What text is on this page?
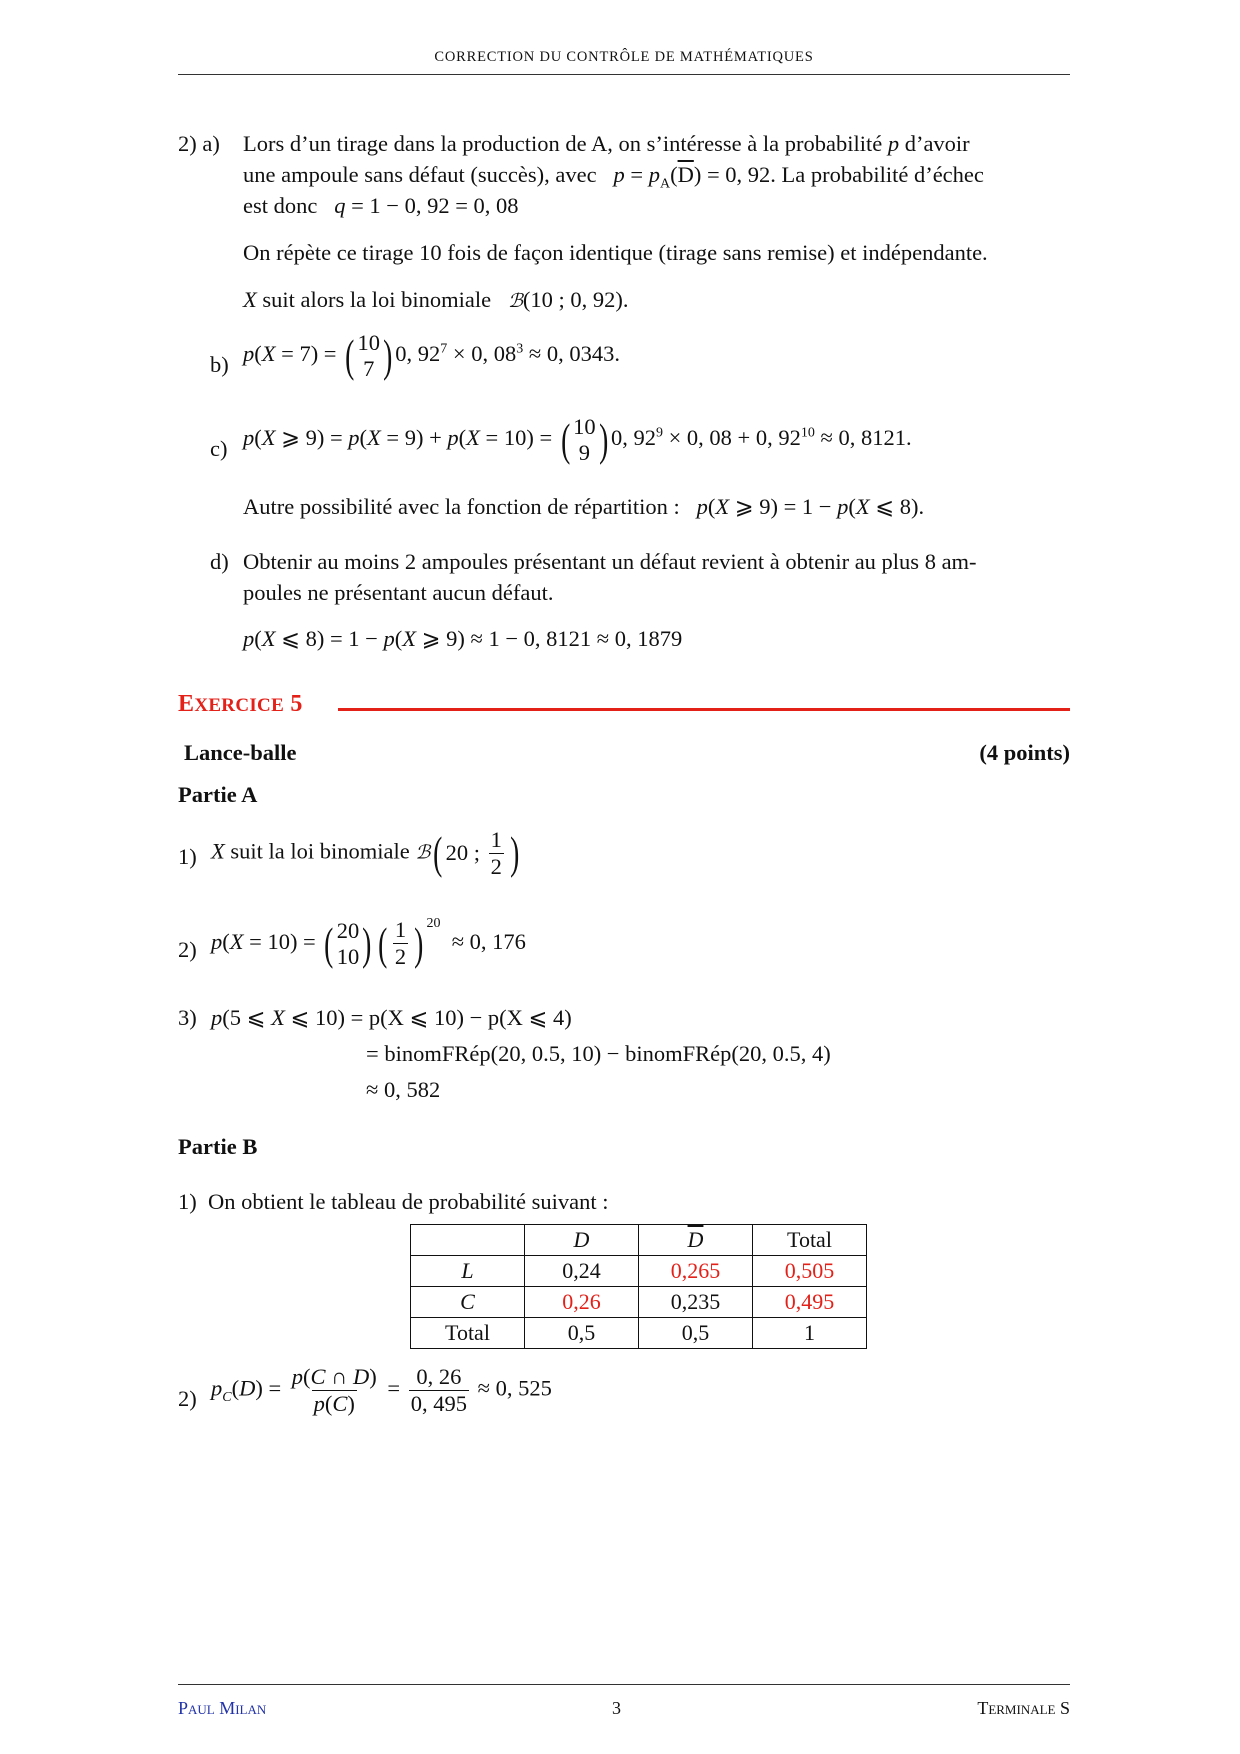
CORRECTION DU CONTRÔLE DE MATHÉMATIQUES
2) a) Lors d’un tirage dans la production de A, on s’intéresse à la probabilité p d’avoir
une ampoule sans défaut (succès), avec $p = p_A(\overline{D}) = 0$, 92. La probabilité d’échec
est donc q = 1 − 0, 92 = 0, 08
On répète ce tirage 10 fois de façon identique (tirage sans remise) et indépendante.
X suit alors la loi binomiale ℬ(10 ; 0, 92).
b) p(X = 7) = ( 10
7 ) 0, $92^7 \times 0$, $08^3 \approx 0$, 0343.
c) p(X ⩾ 9) = p(X = 9) + p(X = 10) = ( 10
9 ) 0, $92^9 \times 0$, 08 + 0, $92^{10} \approx 0$, 8121.
Autre possibilité avec la fonction de répartition : p(X ⩾ 9) = 1 − p(X ⩽ 8).
d) Obtenir au moins 2 ampoules présentant un défaut revient à obtenir au plus 8 am-
poules ne présentant aucun défaut.
p(X ⩽ 8) = 1 − p(X ⩾ 9) ≈ 1 − 0, 8121 ≈ 0, 1879
EXERCICE 5
Lance-balle	(4 points)
Partie A
1) X suit la loi binomiale ℬ ( 20 ; $\frac{1}{2}$ )
2) p(X = 10) = ( 20
10 ) ( $\frac{1}{2}$ ) $^{20}$  ≈ 0, 176
3) p(5 ⩽ X ⩽ 10) = p(X ⩽ 10) − p(X ⩽ 4)
= binomFRép(20, 0.5, 10) − binomFRép(20, 0.5, 4)
≈ 0, 582
Partie B
1)  On obtient le tableau de probabilité suivant :
	D	$\overline{D}$	Total
L	0,24	0,265	0,505
C	0,26	0,235	0,495
Total	0,5	0,5	1
2) $p_C(D) = \frac{p(C \cap D)}{p(C)} = \frac{0, 26}{0, 495} \approx 0$, 525
Paul Milan	3	Terminale S
